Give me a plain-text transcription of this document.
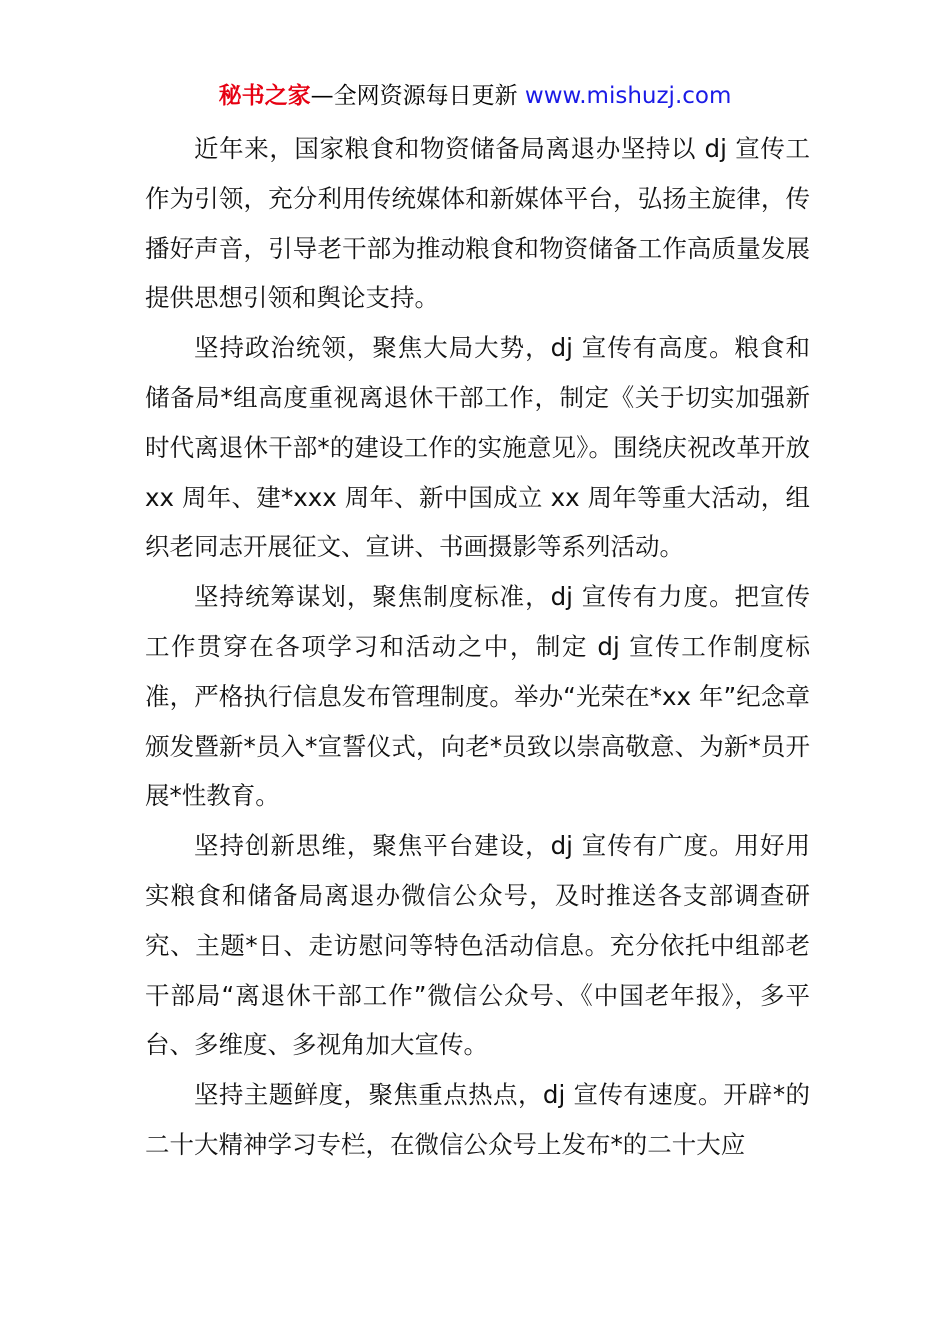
秘书之家—全网资源每日更新 www.mishuzj.com

近年来，国家粮食和物资储备局离退办坚持以 dj 宣传工作为引领，充分利用传统媒体和新媒体平台，弘扬主旋律，传播好声音，引导老干部为推动粮食和物资储备工作高质量发展提供思想引领和舆论支持。

坚持政治统领，聚焦大局大势，dj 宣传有高度。粮食和储备局*组高度重视离退休干部工作，制定《关于切实加强新时代离退休干部*的建设工作的实施意见》。围绕庆祝改革开放 xx 周年、建*xxx 周年、新中国成立 xx 周年等重大活动，组织老同志开展征文、宣讲、书画摄影等系列活动。

坚持统筹谋划，聚焦制度标准，dj 宣传有力度。把宣传工作贯穿在各项学习和活动之中，制定 dj 宣传工作制度标准，严格执行信息发布管理制度。举办“光荣在*xx 年”纪念章颁发暨新*员入*宣誓仪式，向老*员致以崇高敬意、为新*员开展*性教育。

坚持创新思维，聚焦平台建设，dj 宣传有广度。用好用实粮食和储备局离退办微信公众号，及时推送各支部调查研究、主题*日、走访慰问等特色活动信息。充分依托中组部老干部局“离退休干部工作”微信公众号、《中国老年报》，多平台、多维度、多视角加大宣传。

坚持主题鲜度，聚焦重点热点，dj 宣传有速度。开辟*的二十大精神学习专栏，在微信公众号上发布*的二十大应
